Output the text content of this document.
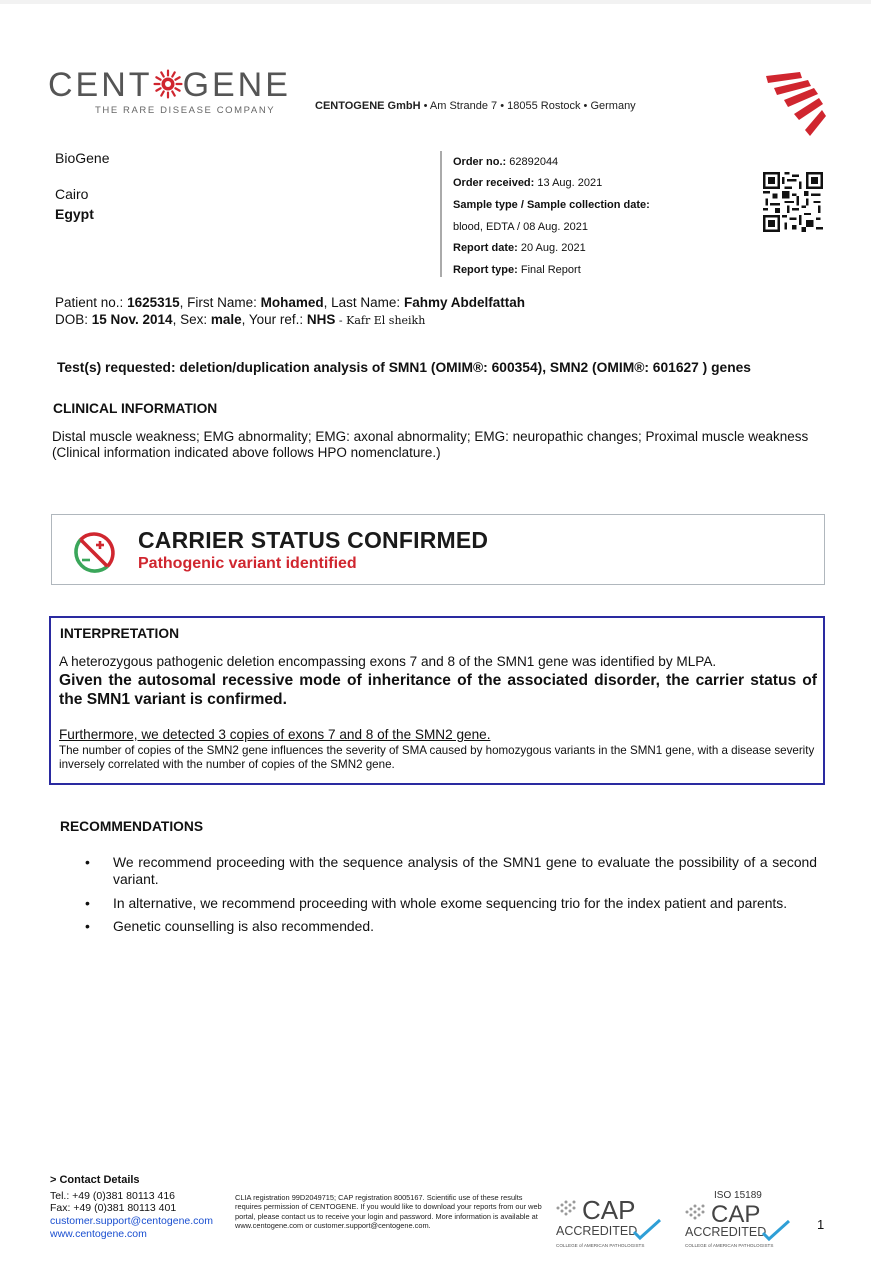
CENT GENE
THE RARE DISEASE COMPANY	CENTOGENE GmbH • Am Strande 7 • 18055 Rostock • Germany
BioGene
Cairo
Egypt
Order no.: 62892044
Order received: 13 Aug. 2021
Sample type / Sample collection date:
blood, EDTA / 08 Aug. 2021
Report date: 20 Aug. 2021
Report type: Final Report
Patient no.: 1625315, First Name: Mohamed, Last Name: Fahmy Abdelfattah
DOB: 15 Nov. 2014, Sex: male, Your ref.: NHS - Kafr El sheikh
Test(s) requested: deletion/duplication analysis of SMN1 (OMIM®: 600354), SMN2 (OMIM®: 601627 ) genes
CLINICAL INFORMATION
Distal muscle weakness; EMG abnormality; EMG: axonal abnormality; EMG: neuropathic changes; Proximal muscle weakness
(Clinical information indicated above follows HPO nomenclature.)
CARRIER STATUS CONFIRMED
Pathogenic variant identified
INTERPRETATION
A heterozygous pathogenic deletion encompassing exons 7 and 8 of the SMN1 gene was identified by MLPA.
Given the autosomal recessive mode of inheritance of the associated disorder, the carrier status of the SMN1 variant is confirmed.
Furthermore, we detected 3 copies of exons 7 and 8 of the SMN2 gene.
The number of copies of the SMN2 gene influences the severity of SMA caused by homozygous variants in the SMN1 gene, with a disease severity inversely correlated with the number of copies of the SMN2 gene.
RECOMMENDATIONS
• We recommend proceeding with the sequence analysis of the SMN1 gene to evaluate the possibility of a second variant.
• In alternative, we recommend proceeding with whole exome sequencing trio for the index patient and parents.
• Genetic counselling is also recommended.
> Contact Details
Tel.: +49 (0)381 80113 416
Fax: +49 (0)381 80113 401
customer.support@centogene.com
www.centogene.com
CLIA registration 99D2049715; CAP registration 8005167. Scientific use of these results requires permission of CENTOGENE. If you would like to download your reports from our web portal, please contact us to receive your login and password. More information is available at www.centogene.com or customer.support@centogene.com.
CAP
ACCREDITED
COLLEGE of AMERICAN PATHOLOGISTS
CAP
ACCREDITED
COLLEGE of AMERICAN PATHOLOGISTS
ISO 15189
1
